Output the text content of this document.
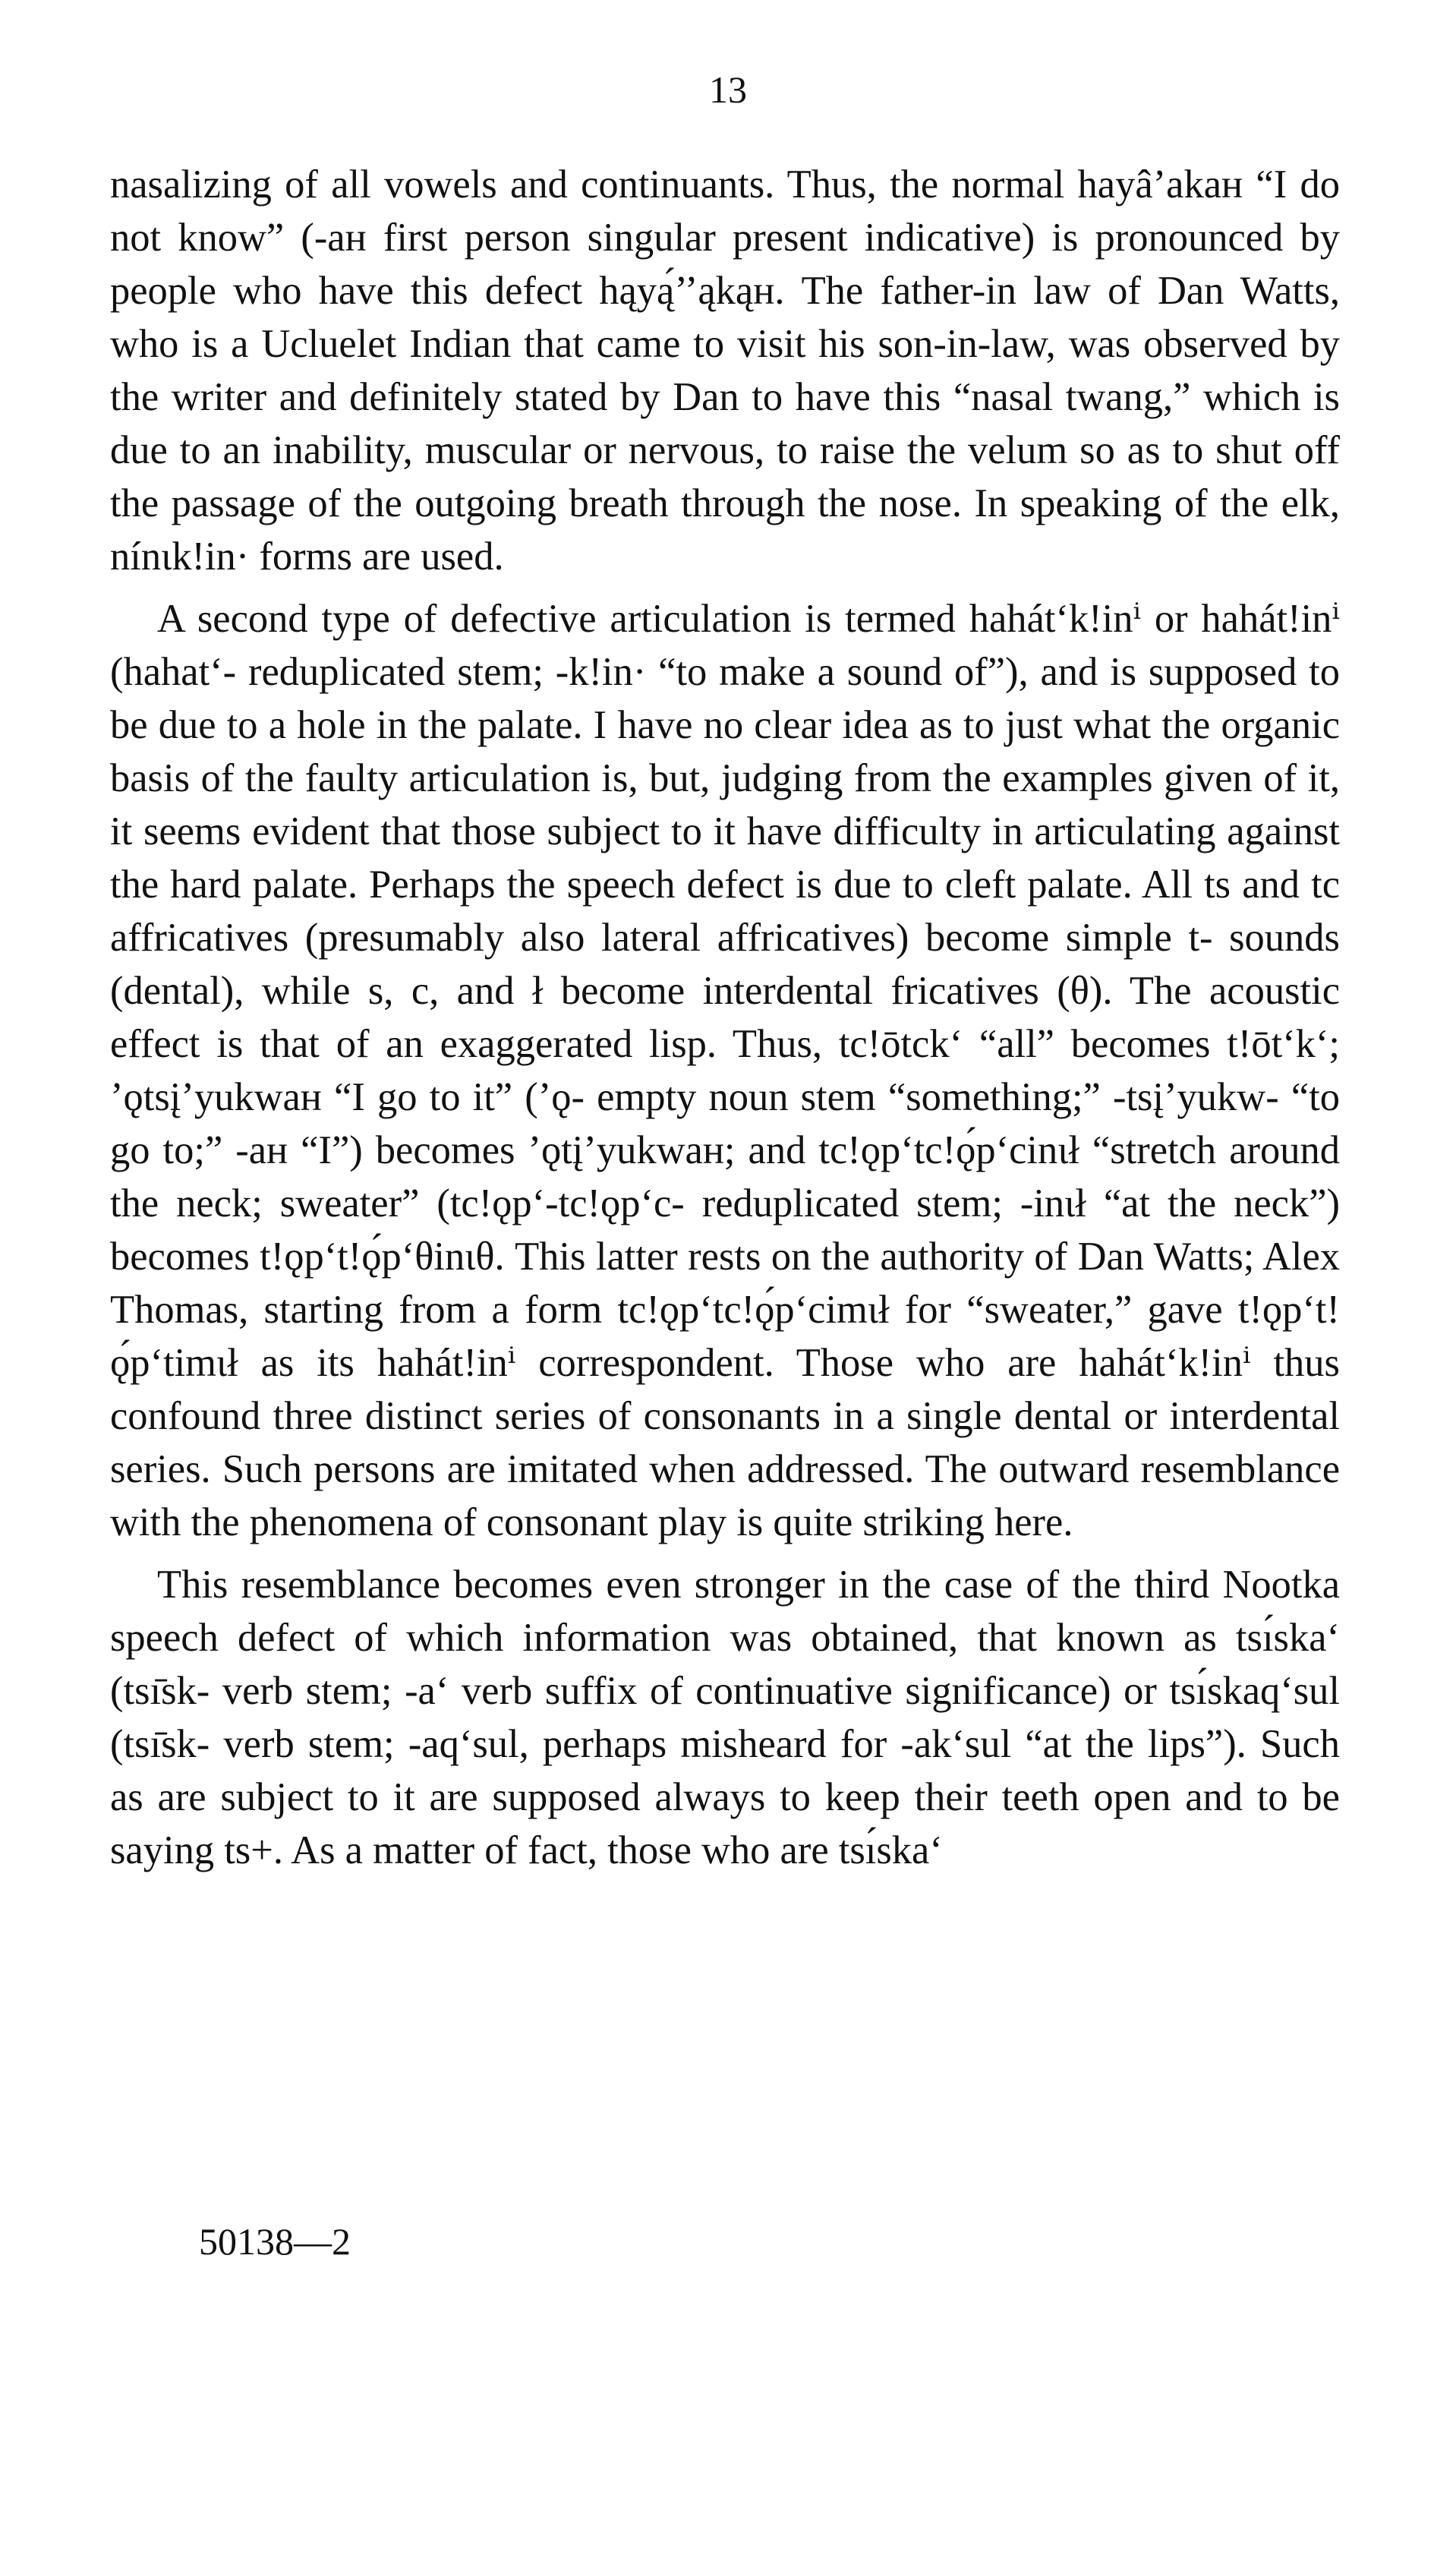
13

nasalizing of all vowels and continuants. Thus, the normal hayâ’akaн “I do not know” (-aн first person singular present indicative) is pronounced by people who have this defect hąyą́’’ąkąн. The father-in law of Dan Watts, who is a Ucluelet Indian that came to visit his son-in-law, was observed by the writer and definitely stated by Dan to have this “nasal twang,” which is due to an inability, muscular or nervous, to raise the velum so as to shut off the passage of the outgoing breath through the nose. In speaking of the elk, nínιk!in· forms are used.

A second type of defective articulation is termed hahát‘k!inⁱ or hahát!inⁱ (hahat‘- reduplicated stem; -k!in· “to make a sound of”), and is supposed to be due to a hole in the palate. I have no clear idea as to just what the organic basis of the faulty articulation is, but, judging from the examples given of it, it seems evident that those subject to it have difficulty in articulating against the hard palate. Perhaps the speech defect is due to cleft palate. All ts and tc affricatives (presumably also lateral affricatives) become simple t- sounds (dental), while s, c, and ł become interdental fricatives (θ). The acoustic effect is that of an exaggerated lisp. Thus, tc!ōtck‘ “all” becomes t!ōt‘k‘; ’ǫtsį’yukwaн “I go to it” (’ǫ- empty noun stem “something;” -tsį’yukw- “to go to;” -aн “I”) becomes ’ǫtį’yukwaн; and tc!ǫp‘tc!ǫ́p‘cinιł “stretch around the neck; sweater” (tc!ǫp‘-tc!ǫp‘c- reduplicated stem; -inιł “at the neck”) becomes t!ǫp‘t!ǫ́p‘θinιθ. This latter rests on the authority of Dan Watts; Alex Thomas, starting from a form tc!ǫp‘tc!ǫ́p‘cimιł for “sweater,” gave t!ǫp‘t!ǫ́p‘timιł as its hahát!inⁱ correspondent. Those who are hahát‘k!inⁱ thus confound three distinct series of consonants in a single dental or interdental series. Such persons are imitated when addressed. The outward resemblance with the phenomena of consonant play is quite striking here.

This resemblance becomes even stronger in the case of the third Nootka speech defect of which information was obtained, that known as tsı́ska‘ (tsı̄sk- verb stem; -a‘ verb suffix of continuative significance) or tsı́skaq‘sul (tsı̄sk- verb stem; -aq‘sul, perhaps misheard for -ak‘sul “at the lips”). Such as are subject to it are supposed always to keep their teeth open and to be saying ts+. As a matter of fact, those who are tsı́ska‘

50138—2
